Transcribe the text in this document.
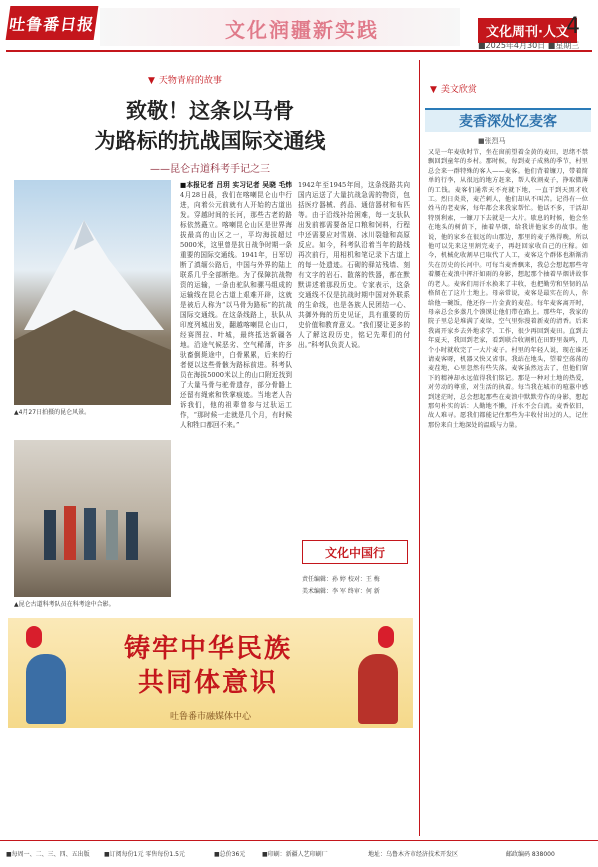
吐鲁番日报	文化润疆新实践	文化周刊·人文
4
■2025年4月30日 ■星期三
▼ 天物青府的故事
致敬！这条以马骨
为路标的抗战国际交通线
——昆仑古道科考手记之三
▲4月27日拍摄的昆仑风景。
▲昆仑古道科考队员在科考途中合影。
■本报记者 吕玥 实习记者 吴晓 毛炜 4月28日晨，我们在喀喇昆仑山中行进，向着公元前就有人开始的古道出发。穿越时间的长河，那些古老的路标依然矗立。喀喇昆仑山区是世界海拔最高的山区之一，平均海拔超过5000米，这里曾是抗日战争时期一条重要的国际交通线。1941年，日军切断了滇缅公路后，中国与外界的陆上联系几乎全部断绝。为了保障抗战物资的运输，一条由驼队和骡马组成的运输线在昆仑古道上艰难开辟，这就是被后人称为“以马骨为路标”的抗战国际交通线。在这条线路上，驮队从印度列城出发，翻越喀喇昆仑山口，经赛图拉、叶城，最终抵达新疆各地。沿途气候恶劣、空气稀薄，许多驮畜倒毙途中，白骨累累，后来的行者便以这些骨骸为路标前进。科考队员在海拔5000米以上的山口附近找到了大量马骨与驼骨遗存，部分骨骼上还留有绳索和铁掌痕迹。当地老人告诉我们，他的祖辈曾参与过驮运工作，“那时候一走就是几个月，有时候人和牲口都回不来。”
1942年至1945年间，这条线路共向国内运送了大量抗战急需的物资，包括医疗器械、药品、通信器材和布匹等。由于沿线补给困难，每一支驮队出发前都需要备足口粮和饲料，行程中还需要应对雪崩、冰川裂缝和高原反应。如今，科考队沿着当年的路线再次前行，用相机和笔记录下古道上的每一处遗迹。石砌的驿站残墙、刻有文字的岩石、散落的铁器，都在默默讲述着那段历史。专家表示，这条交通线不仅是抗战时期中国对外联系的生命线，也是各族人民团结一心、共御外侮的历史见证，具有重要的历史价值和教育意义。“我们要让更多的人了解这段历史，铭记先辈们的付出。”科考队负责人说。
文化中国行
责任编辑：孙 婷 校对：王 梅
美术编辑：李 军 终审：何 新
铸牢中华民族
共同体意识
吐鲁番市融媒体中心
▼ 美文欣赏
麦香深处忆麦客
■张烈马
又是一年麦收时节，坐在窗前望着金黄的麦田，思绪不禁飘回到童年的乡村。那时候，每到麦子成熟的季节，村里总会来一群特殊的客人——麦客。他们背着镰刀，带着简单的行李，从很远的地方赶来，帮人收割麦子，挣取微薄的工钱。麦客们通常天不亮就下地，一直干到天黑才收工。烈日炎炎，麦芒刺人，他们却从不叫苦。记得有一位姓马的老麦客，每年都会来我家帮忙。他话不多，干活却特别利索，一镰刀下去就是一大片。歇息的时候，他会坐在地头的树荫下，抽着旱烟，给我讲他家乡的故事。他说，他的家乡在很远的山那边，那里的麦子熟得晚，所以他可以先来这里割完麦子，再赶回家收自己的庄稼。如今，机械化收割早已取代了人工，麦客这个群体也渐渐消失在历史的长河中。可每当麦香飘来，我总会想起那些弯着腰在麦浪中挥汗如雨的身影，想起那个抽着旱烟讲故事的老人。麦客们用汗水换来了丰收，也把勤劳和坚韧的品格留在了这片土地上。母亲常说，麦客是最实在的人，你给他一碗饭，他还你一片金黄的麦茬。每年麦客离开时，母亲总会多蒸几个馍馍让他们带在路上。那些年，我家的院子里总是堆满了麦垛，空气里弥漫着新麦的清香。后来我离开家乡去外地求学、工作，很少再回到麦田。直到去年夏天，我回到老家，看到联合收割机在田野里轰鸣，几个小时就收完了一大片麦子。村里的年轻人说，现在谁还请麦客呀，机器又快又省事。我站在地头，望着空荡荡的麦茬地，心里忽然有些失落。麦客虽然远去了，但他们留下的精神却永远值得我们铭记。那是一种对土地的热爱，对劳动的尊重，对生活的执着。每当我在城市的喧嚣中感到迷茫时，总会想起那些在麦浪中默默劳作的身影，想起那句朴实的话：人勤地不懒，汗水不会白流。麦香依旧，故人难寻。愿我们都能记住那些为丰收付出过的人，记住那份来自土地深处的温暖与力量。
■每周一、二、三、四、五出版 ■订阅每份1元 零售每份1.5元	■总价36元	■印刷：新疆人艺印刷厂	地址：乌鲁木齐市经济技术开发区	邮政编码 838000
